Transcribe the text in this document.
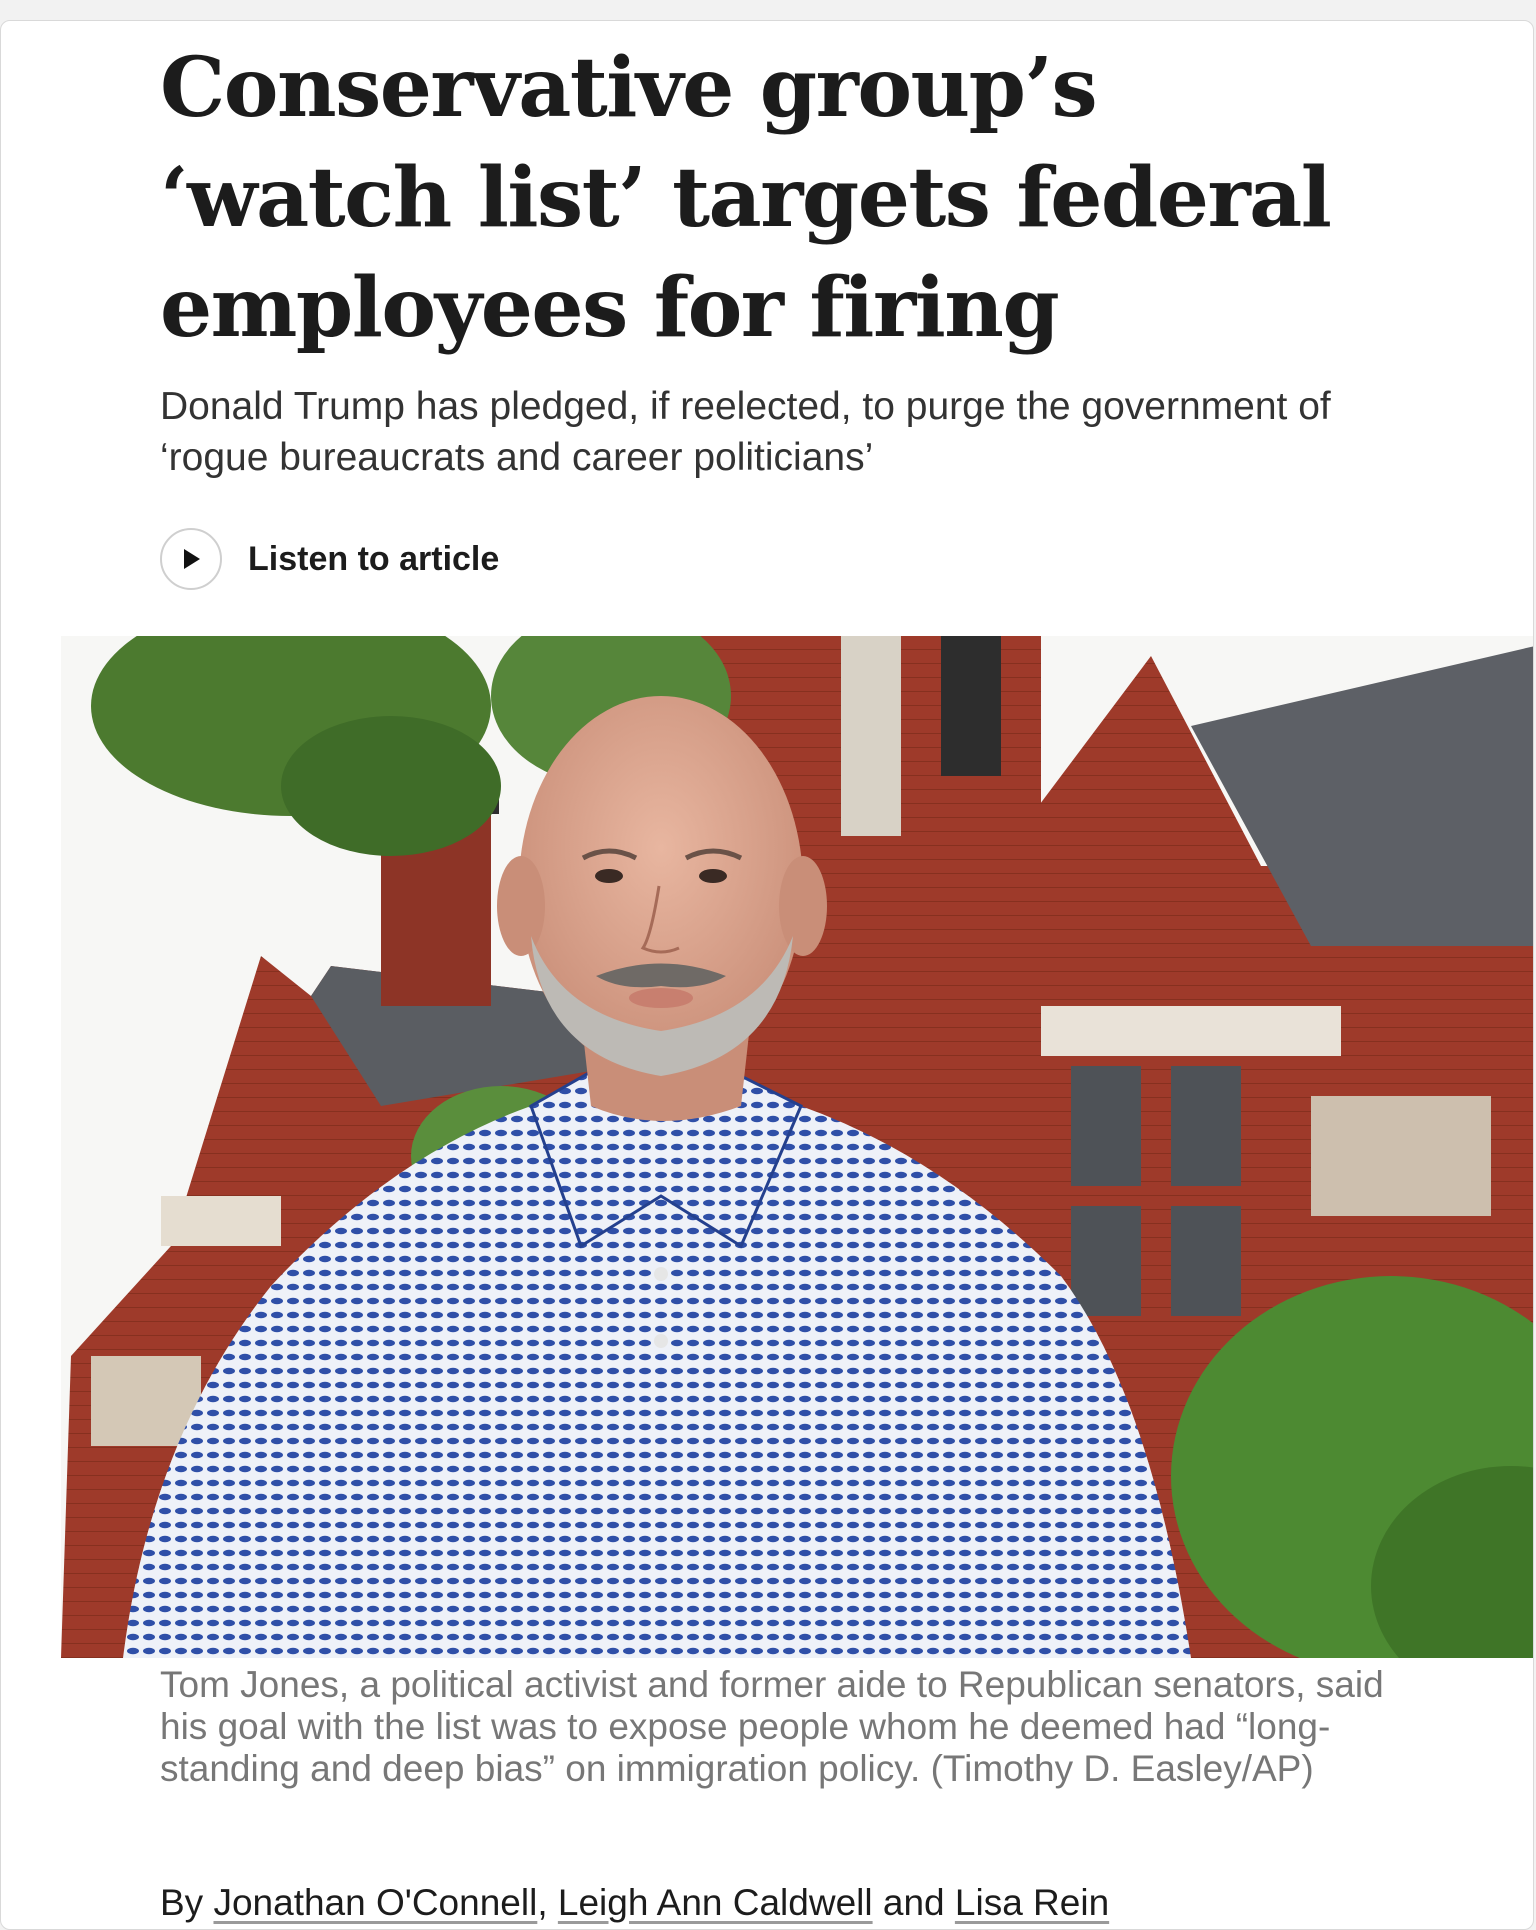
Conservative group’s ‘watch list’ targets federal employees for firing

Donald Trump has pledged, if reelected, to purge the government of ‘rogue bureaucrats and career politicians’

Listen to article

Tom Jones, a political activist and former aide to Republican senators, said his goal with the list was to expose people whom he deemed had “long-standing and deep bias” on immigration policy. (Timothy D. Easley/AP)

By Jonathan O'Connell, Leigh Ann Caldwell and Lisa Rein
